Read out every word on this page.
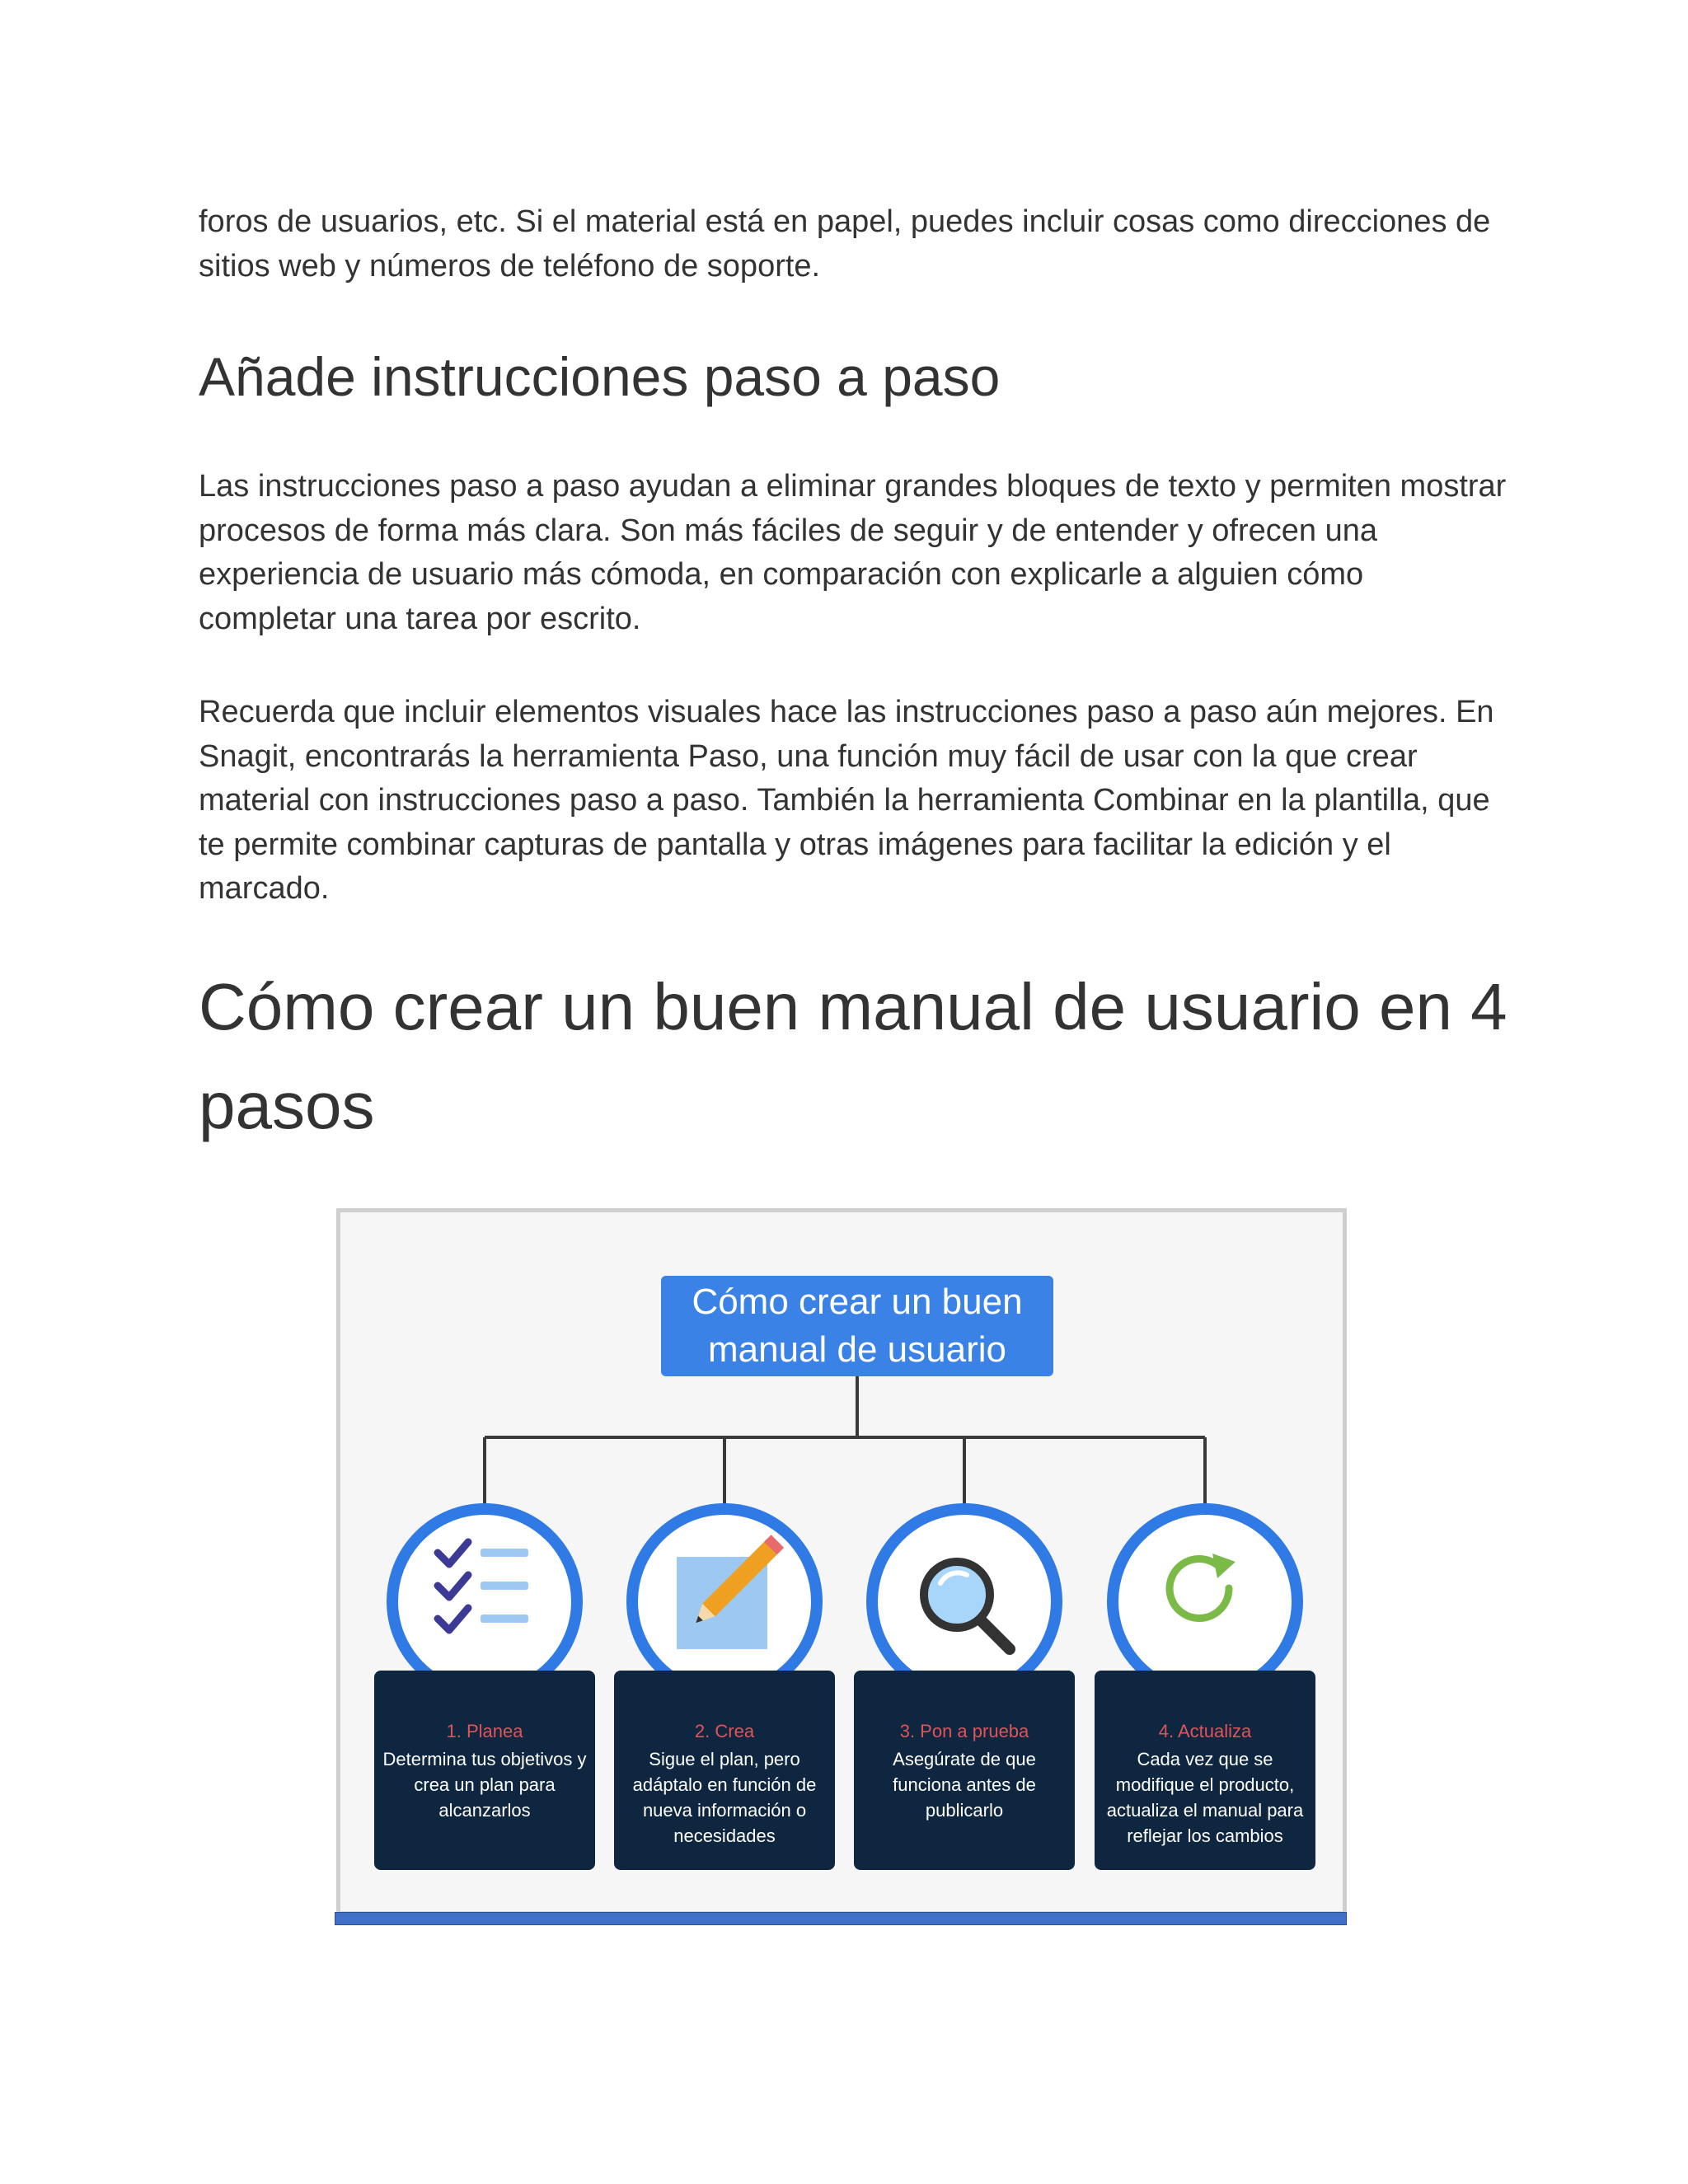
foros de usuarios, etc. Si el material está en papel, puedes incluir cosas como direcciones de sitios web y números de teléfono de soporte.

Añade instrucciones paso a paso

Las instrucciones paso a paso ayudan a eliminar grandes bloques de texto y permiten mostrar procesos de forma más clara. Son más fáciles de seguir y de entender y ofrecen una experiencia de usuario más cómoda, en comparación con explicarle a alguien cómo completar una tarea por escrito.

Recuerda que incluir elementos visuales hace las instrucciones paso a paso aún mejores. En Snagit, encontrarás la herramienta Paso, una función muy fácil de usar con la que crear material con instrucciones paso a paso. También la herramienta Combinar en la plantilla, que te permite combinar capturas de pantalla y otras imágenes para facilitar la edición y el marcado.

Cómo crear un buen manual de usuario en 4 pasos
Cómo crear un buen
manual de usuario
1. Planea
Determina tus objetivos y crea un plan para alcanzarlos
2. Crea
Sigue el plan, pero adáptalo en función de nueva información o necesidades
3. Pon a prueba
Asegúrate de que funciona antes de publicarlo
4. Actualiza
Cada vez que se modifique el producto, actualiza el manual para reflejar los cambios
